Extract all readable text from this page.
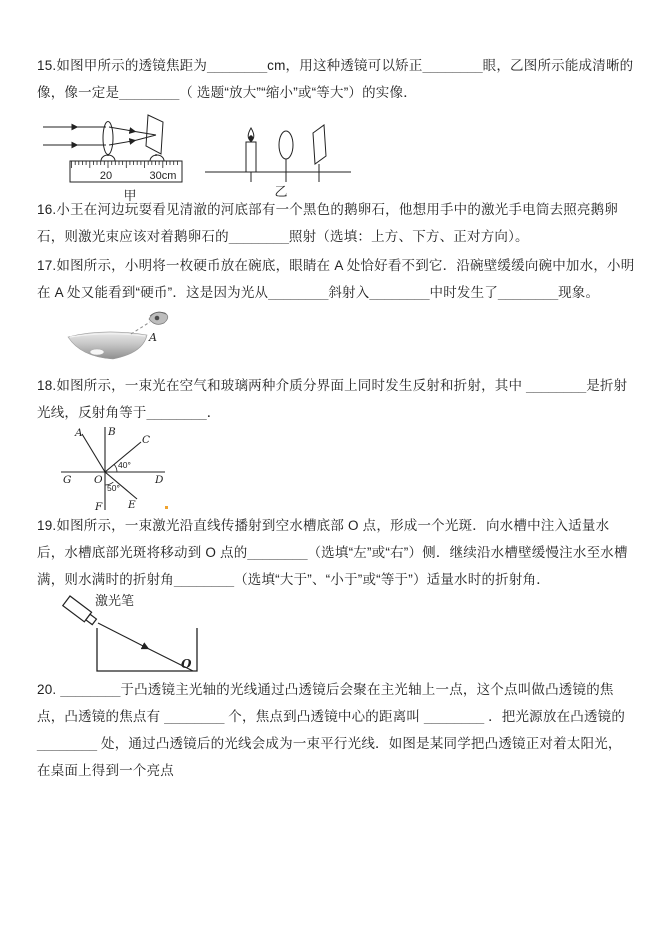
15.如图甲所示的透镜焦距为________cm，用这种透镜可以矫正________眼，乙图所示能成清晰的像，像一定是________（ 选题“放大”“缩小”或“等大”）的实像．

20	30cm
甲	乙

16.小王在河边玩耍看见清澈的河底部有一个黑色的鹅卵石，他想用手中的激光手电筒去照亮鹅卵石，则激光束应该对着鹅卵石的________照射（选填：上方、下方、正对方向）。

17.如图所示，小明将一枚硬币放在碗底，眼睛在 A 处恰好看不到它．沿碗壁缓缓向碗中加水，小明在 A 处又能看到“硬币”．这是因为光从________斜射入________中时发生了________现象。

A

18.如图所示，一束光在空气和玻璃两种介质分界面上同时发生反射和折射，其中 ________是折射光线，反射角等于________．

A B
C
D
E
F
G O
40°
50°

19.如图所示，一束激光沿直线传播射到空水槽底部 O 点，形成一个光斑．向水槽中注入适量水后，水槽底部光斑将移动到 O 点的________（选填“左”或“右”）侧．继续沿水槽壁缓慢注水至水槽满，则水满时的折射角________（选填“大于”、“小于”或“等于”）适量水时的折射角．

激光笔
O

20. ________于凸透镜主光轴的光线通过凸透镜后会聚在主光轴上一点，这个点叫做凸透镜的焦点，凸透镜的焦点有 ________ 个，焦点到凸透镜中心的距离叫 ________ ．把光源放在凸透镜的 ________ 处，通过凸透镜后的光线会成为一束平行光线．如图是某同学把凸透镜正对着太阳光，在桌面上得到一个亮点
